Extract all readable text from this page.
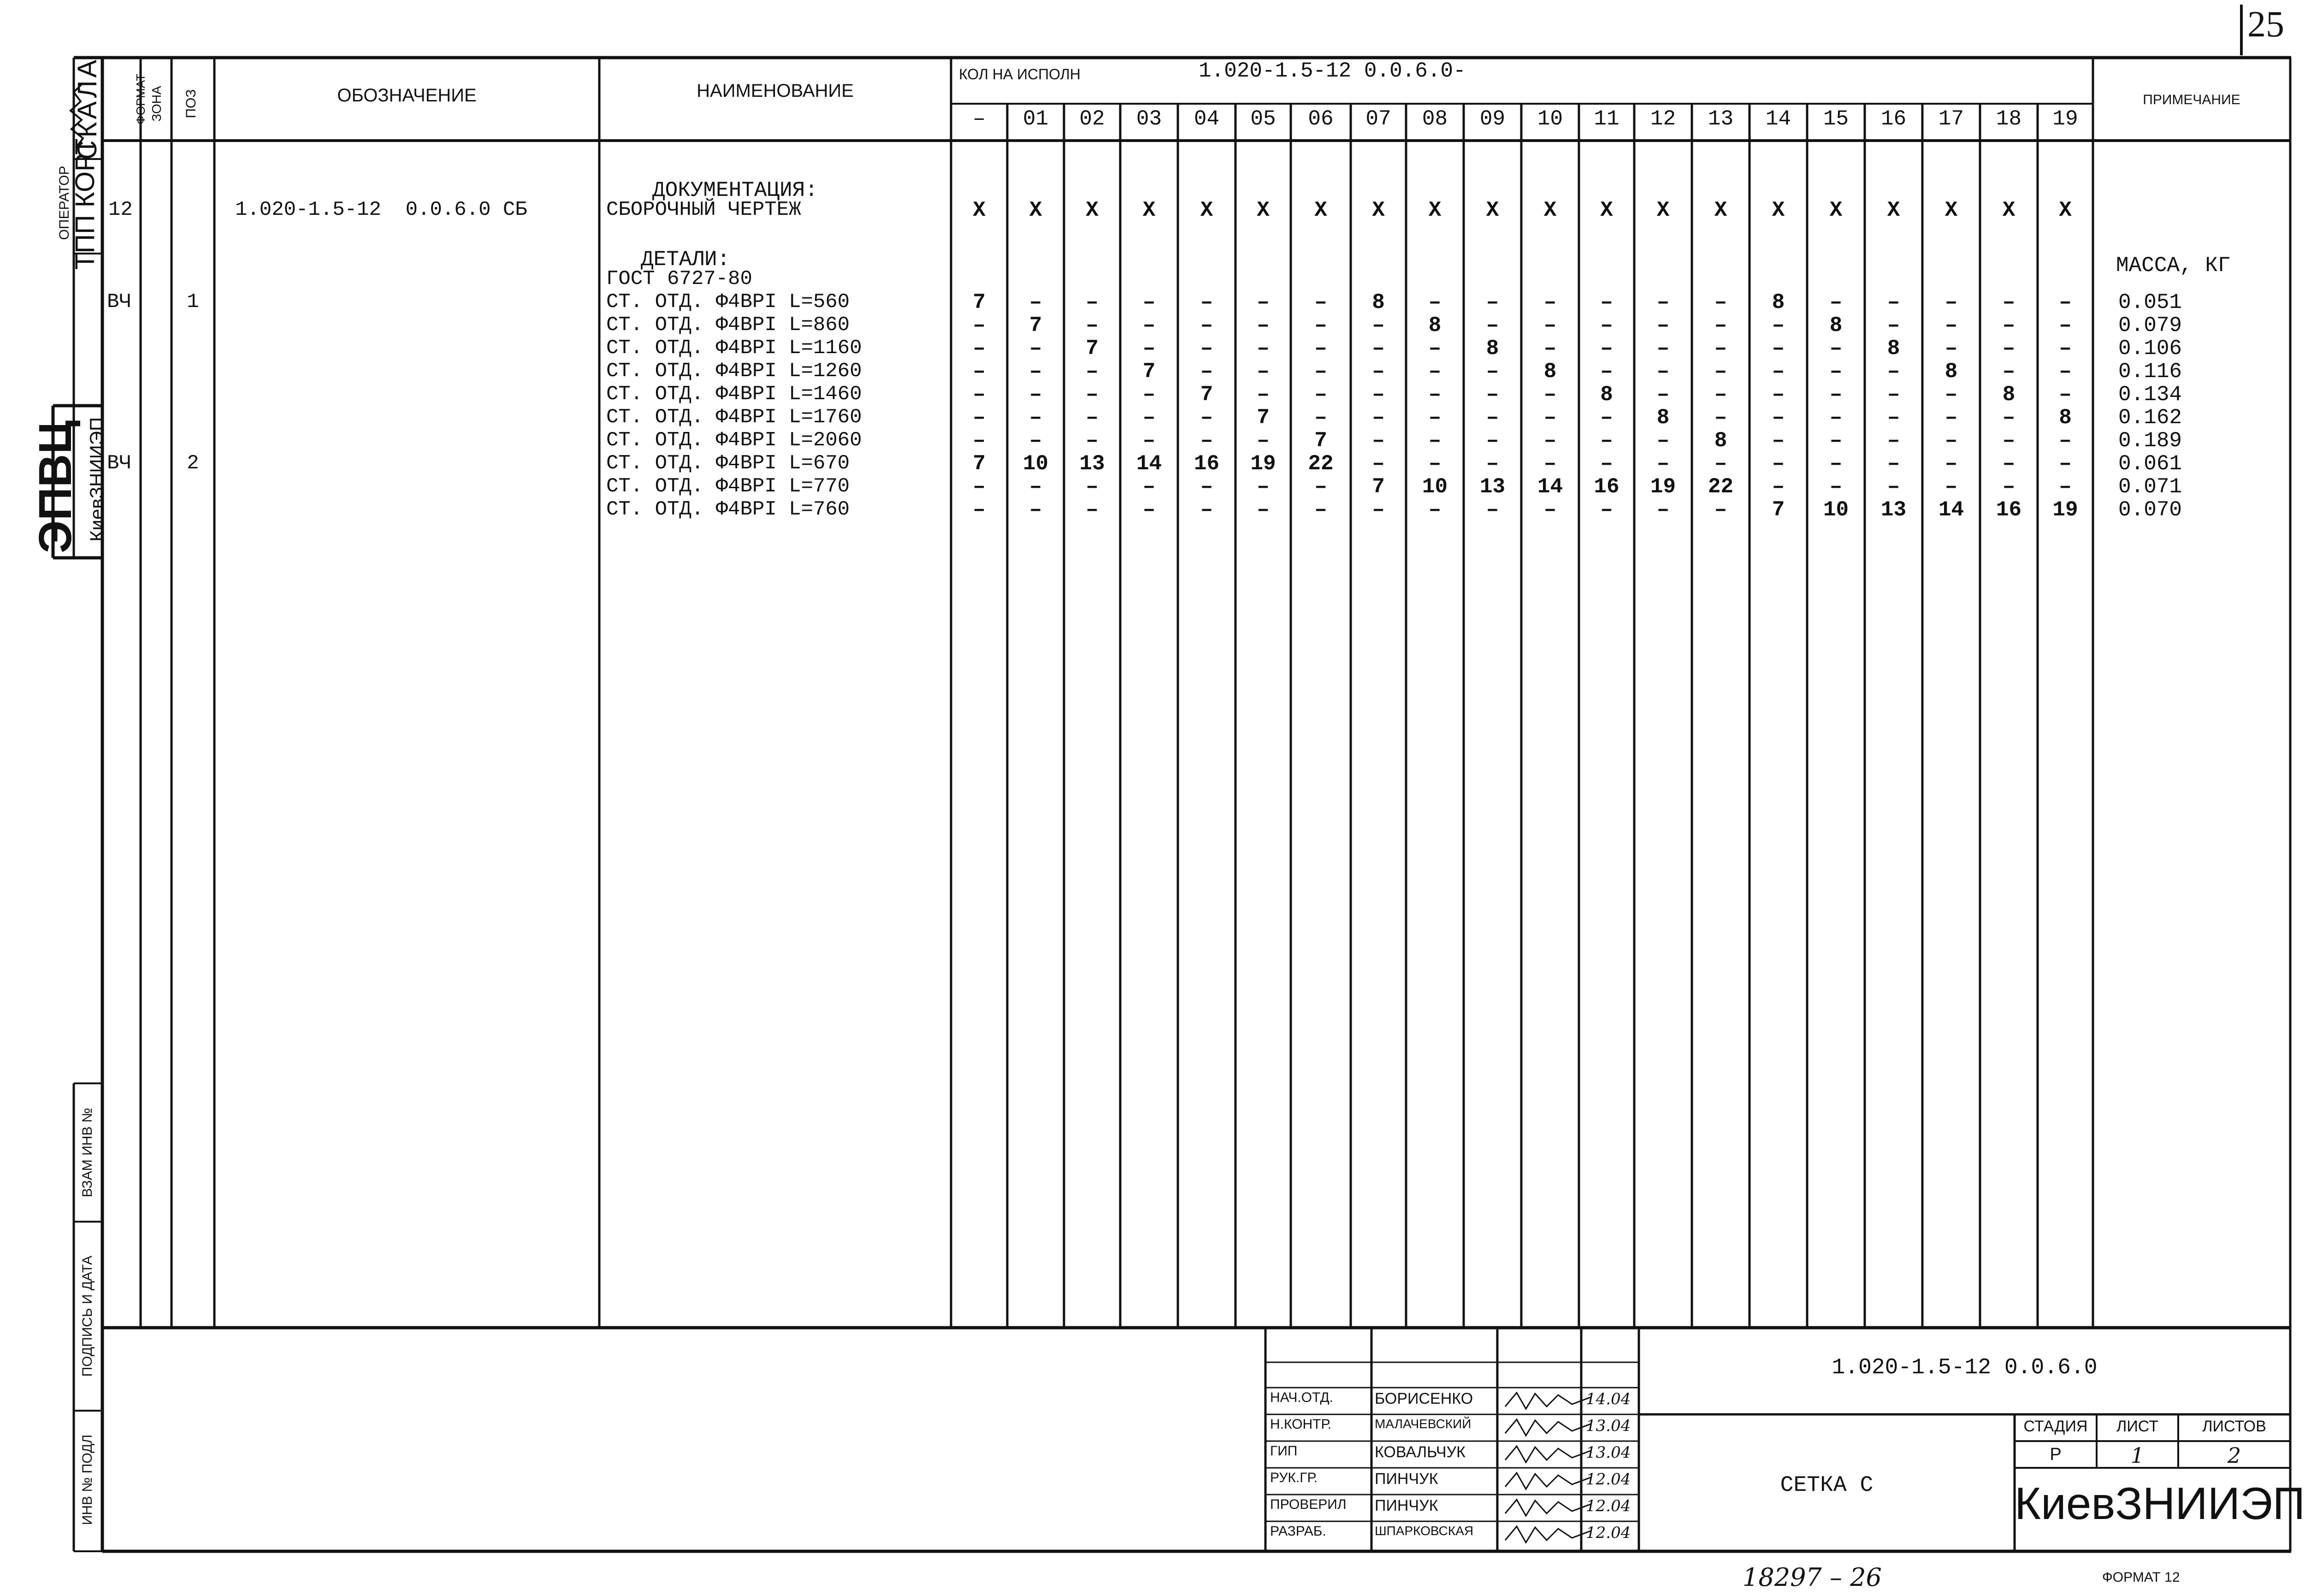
25
СКАЛА
ОПЕРАТОР
ТПП КОРТ
ЭПВЦ КиевЗНИИЭП
ВЗАМ ИНВ №
ПОДПИСЬ И ДАТА
ИНВ № ПОДЛ
ФОРМАТ ЗОНА ПОЗ	ОБОЗНАЧЕНИЕ	НАИМЕНОВАНИЕ
КОЛ НА ИСПОЛН	1.020-1.5-12 0.0.6.0-
ПРИМЕЧАНИЕ
–	01	02	03	04	05	06	07	08	09	10	11	12	13	14	15	16	17	18	19
ДОКУМЕНТАЦИЯ:
12	1.020-1.5-12  0.0.6.0 СБ	СБОРОЧНЫЙ ЧЕРТЕЖ	X	X	X	X	X	X	X	X	X	X	X	X	X	X	X	X	X	X	X	X
ДЕТАЛИ:
ГОСТ 6727-80
МАССА, КГ
ВЧ	1	СТ. ОТД. Ф4ВРI L=560	7	–	–	–	–	–	–	8	–	–	–	–	–	–	8	–	–	–	–	–	0.051
СТ. ОТД. Ф4ВРI L=860	–	7	–	–	–	–	–	–	8	–	–	–	–	–	–	8	–	–	–	–	0.079
СТ. ОТД. Ф4ВРI L=1160	–	–	7	–	–	–	–	–	–	8	–	–	–	–	–	–	8	–	–	–	0.106
СТ. ОТД. Ф4ВРI L=1260	–	–	–	7	–	–	–	–	–	–	8	–	–	–	–	–	–	8	–	–	0.116
СТ. ОТД. Ф4ВРI L=1460	–	–	–	–	7	–	–	–	–	–	–	8	–	–	–	–	–	–	8	–	0.134
СТ. ОТД. Ф4ВРI L=1760	–	–	–	–	–	7	–	–	–	–	–	–	8	–	–	–	–	–	–	8	0.162
СТ. ОТД. Ф4ВРI L=2060	–	–	–	–	–	–	7	–	–	–	–	–	–	8	–	–	–	–	–	–	0.189
ВЧ	2	СТ. ОТД. Ф4ВРI L=670	7	10	13	14	16	19	22	–	–	–	–	–	–	–	–	–	–	–	–	–	0.061
СТ. ОТД. Ф4ВРI L=770	–	–	–	–	–	–	–	7	10	13	14	16	19	22	–	–	–	–	–	–	0.071
СТ. ОТД. Ф4ВРI L=760	–	–	–	–	–	–	–	–	–	–	–	–	–	–	7	10	13	14	16	19	0.070
1.020-1.5-12 0.0.6.0
СЕТКА С
СТАДИЯ	ЛИСТ	ЛИСТОВ
Р	1	2
КиевЗНИИЭП
НАЧ.ОТД.	БОРИСЕНКО	14.04
Н.КОНТР.	МАЛАЧЕВСКИЙ	13.04
ГИП	КОВАЛЬЧУК	13.04
РУК.ГР.	ПИНЧУК	12.04
ПРОВЕРИЛ ПИНЧУК	12.04
РАЗРАБ.	ШПАРКОВСКАЯ	12.04
18297 – 26	ФОРМАТ 12
